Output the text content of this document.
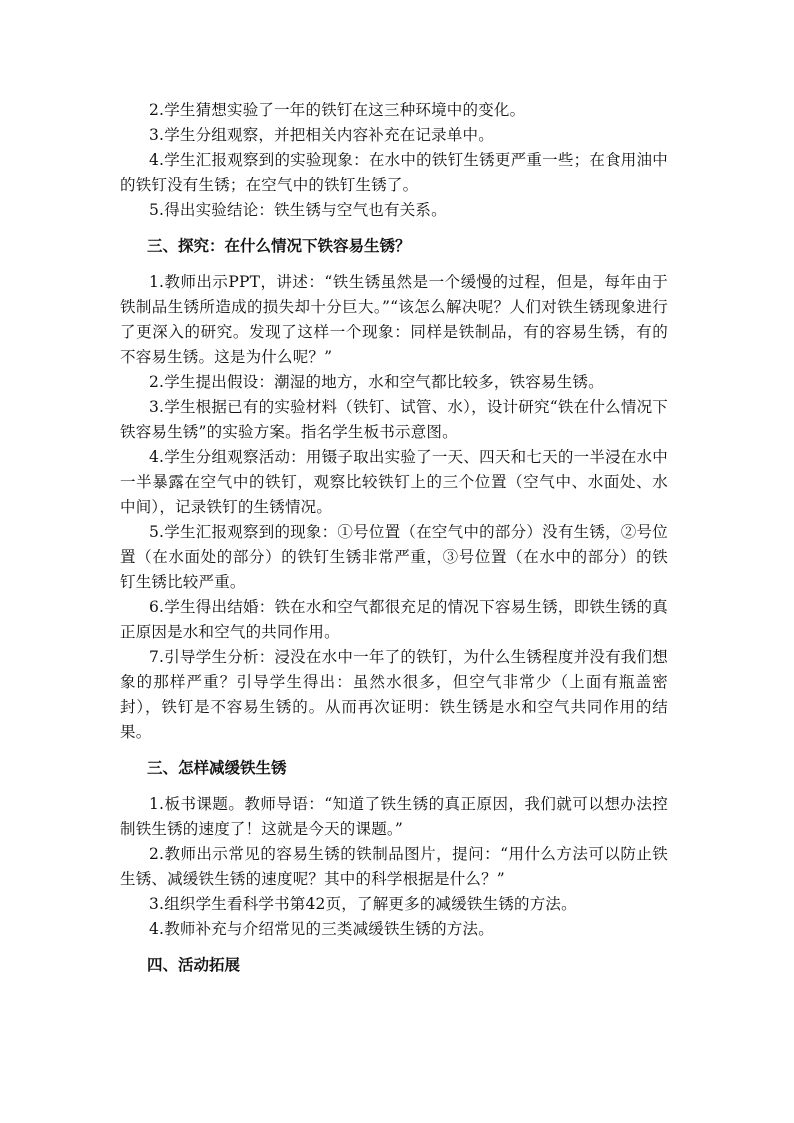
2.学生猜想实验了一年的铁钉在这三种环境中的变化。

3.学生分组观察，并把相关内容补充在记录单中。

4.学生汇报观察到的实验现象：在水中的铁钉生锈更严重一些；在食用油中的铁钉没有生锈；在空气中的铁钉生锈了。

5.得出实验结论：铁生锈与空气也有关系。

三、探究：在什么情况下铁容易生锈？

1.教师出示PPT，讲述：“铁生锈虽然是一个缓慢的过程，但是，每年由于铁制品生锈所造成的损失却十分巨大。”“该怎么解决呢？人们对铁生锈现象进行了更深入的研究。发现了这样一个现象：同样是铁制品，有的容易生锈，有的不容易生锈。这是为什么呢？”

2.学生提出假设：潮湿的地方，水和空气都比较多，铁容易生锈。

3.学生根据已有的实验材料（铁钉、试管、水），设计研究“铁在什么情况下铁容易生锈”的实验方案。指名学生板书示意图。

4.学生分组观察活动：用镊子取出实验了一天、四天和七天的一半浸在水中一半暴露在空气中的铁钉，观察比较铁钉上的三个位置（空气中、水面处、水中间），记录铁钉的生锈情况。

5.学生汇报观察到的现象：①号位置（在空气中的部分）没有生锈，②号位置（在水面处的部分）的铁钉生锈非常严重，③号位置（在水中的部分）的铁钉生锈比较严重。

6.学生得出结婚：铁在水和空气都很充足的情况下容易生锈，即铁生锈的真正原因是水和空气的共同作用。

7.引导学生分析：浸没在水中一年了的铁钉，为什么生锈程度并没有我们想象的那样严重？引导学生得出：虽然水很多，但空气非常少（上面有瓶盖密封），铁钉是不容易生锈的。从而再次证明：铁生锈是水和空气共同作用的结果。

三、怎样减缓铁生锈

1.板书课题。教师导语：“知道了铁生锈的真正原因，我们就可以想办法控制铁生锈的速度了！这就是今天的课题。”

2.教师出示常见的容易生锈的铁制品图片，提问：“用什么方法可以防止铁生锈、减缓铁生锈的速度呢？其中的科学根据是什么？”

3.组织学生看科学书第42页，了解更多的减缓铁生锈的方法。

4.教师补充与介绍常见的三类减缓铁生锈的方法。

四、活动拓展
